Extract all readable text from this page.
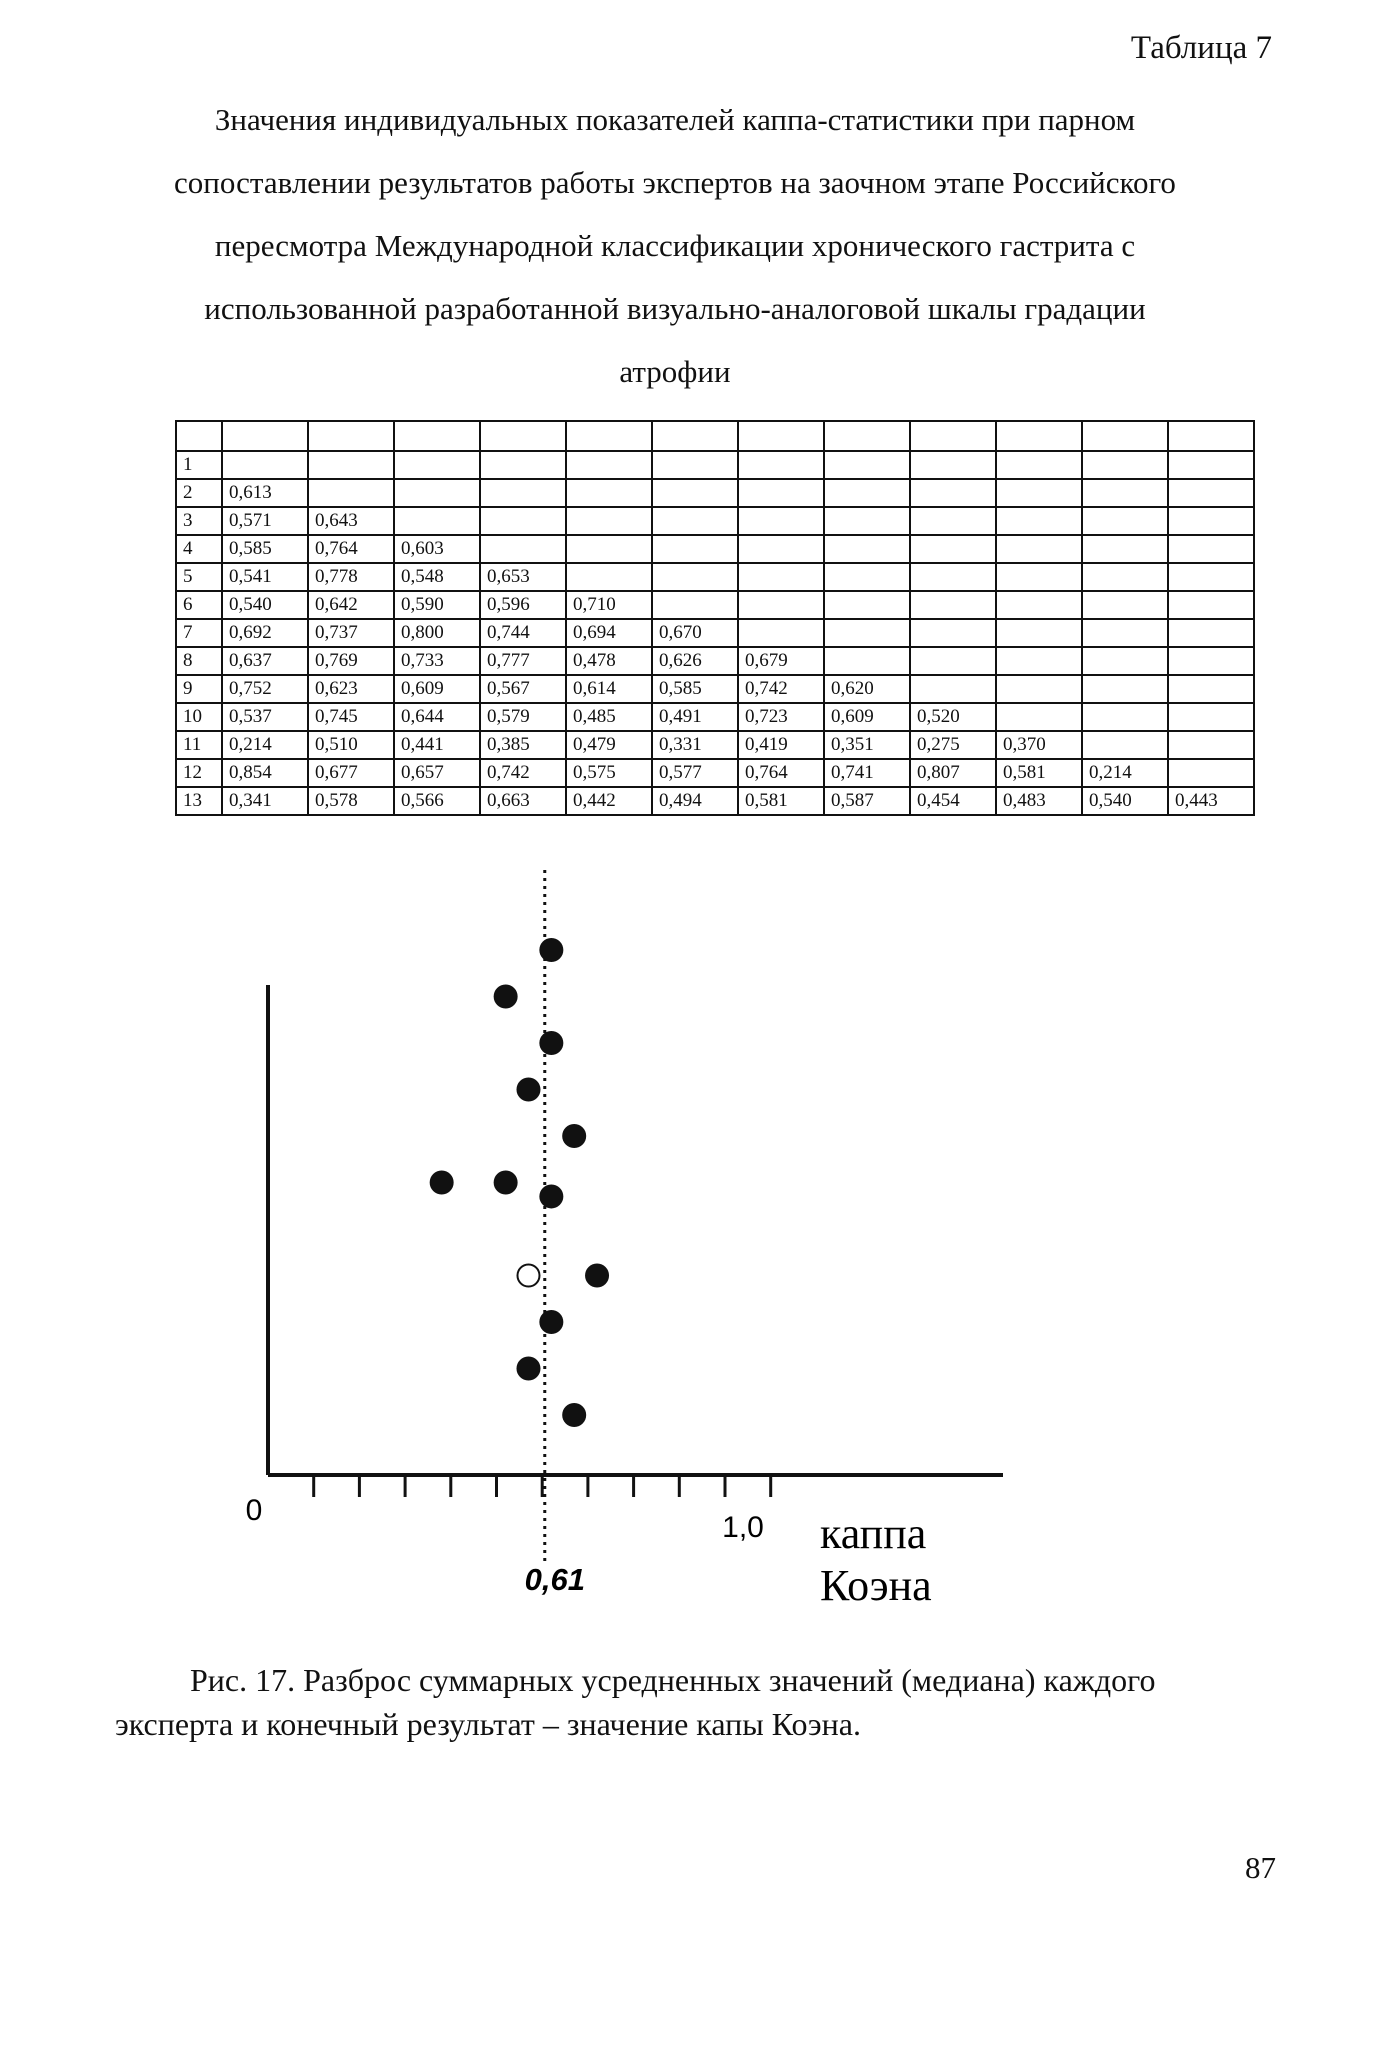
Таблица 7
Значения индивидуальных показателей каппа-статистики при парном
сопоставлении результатов работы экспертов на заочном этапе Российского
пересмотра Международной классификации хронического гастрита с
использованной разработанной визуально-аналоговой шкалы градации
атрофии

1												
2	0,613											
3	0,571	0,643										
4	0,585	0,764	0,603									
5	0,541	0,778	0,548	0,653								
6	0,540	0,642	0,590	0,596	0,710							
7	0,692	0,737	0,800	0,744	0,694	0,670						
8	0,637	0,769	0,733	0,777	0,478	0,626	0,679					
9	0,752	0,623	0,609	0,567	0,614	0,585	0,742	0,620				
10	0,537	0,745	0,644	0,579	0,485	0,491	0,723	0,609	0,520			
11	0,214	0,510	0,441	0,385	0,479	0,331	0,419	0,351	0,275	0,370		
12	0,854	0,677	0,657	0,742	0,575	0,577	0,764	0,741	0,807	0,581	0,214	
13	0,341	0,578	0,566	0,663	0,442	0,494	0,581	0,587	0,454	0,483	0,540	0,443
0
1,0
0,61
каппа
Коэна
Рис. 17. Разброс суммарных усредненных значений (медиана) каждого
эксперта и конечный результат – значение капы Коэна.
87
